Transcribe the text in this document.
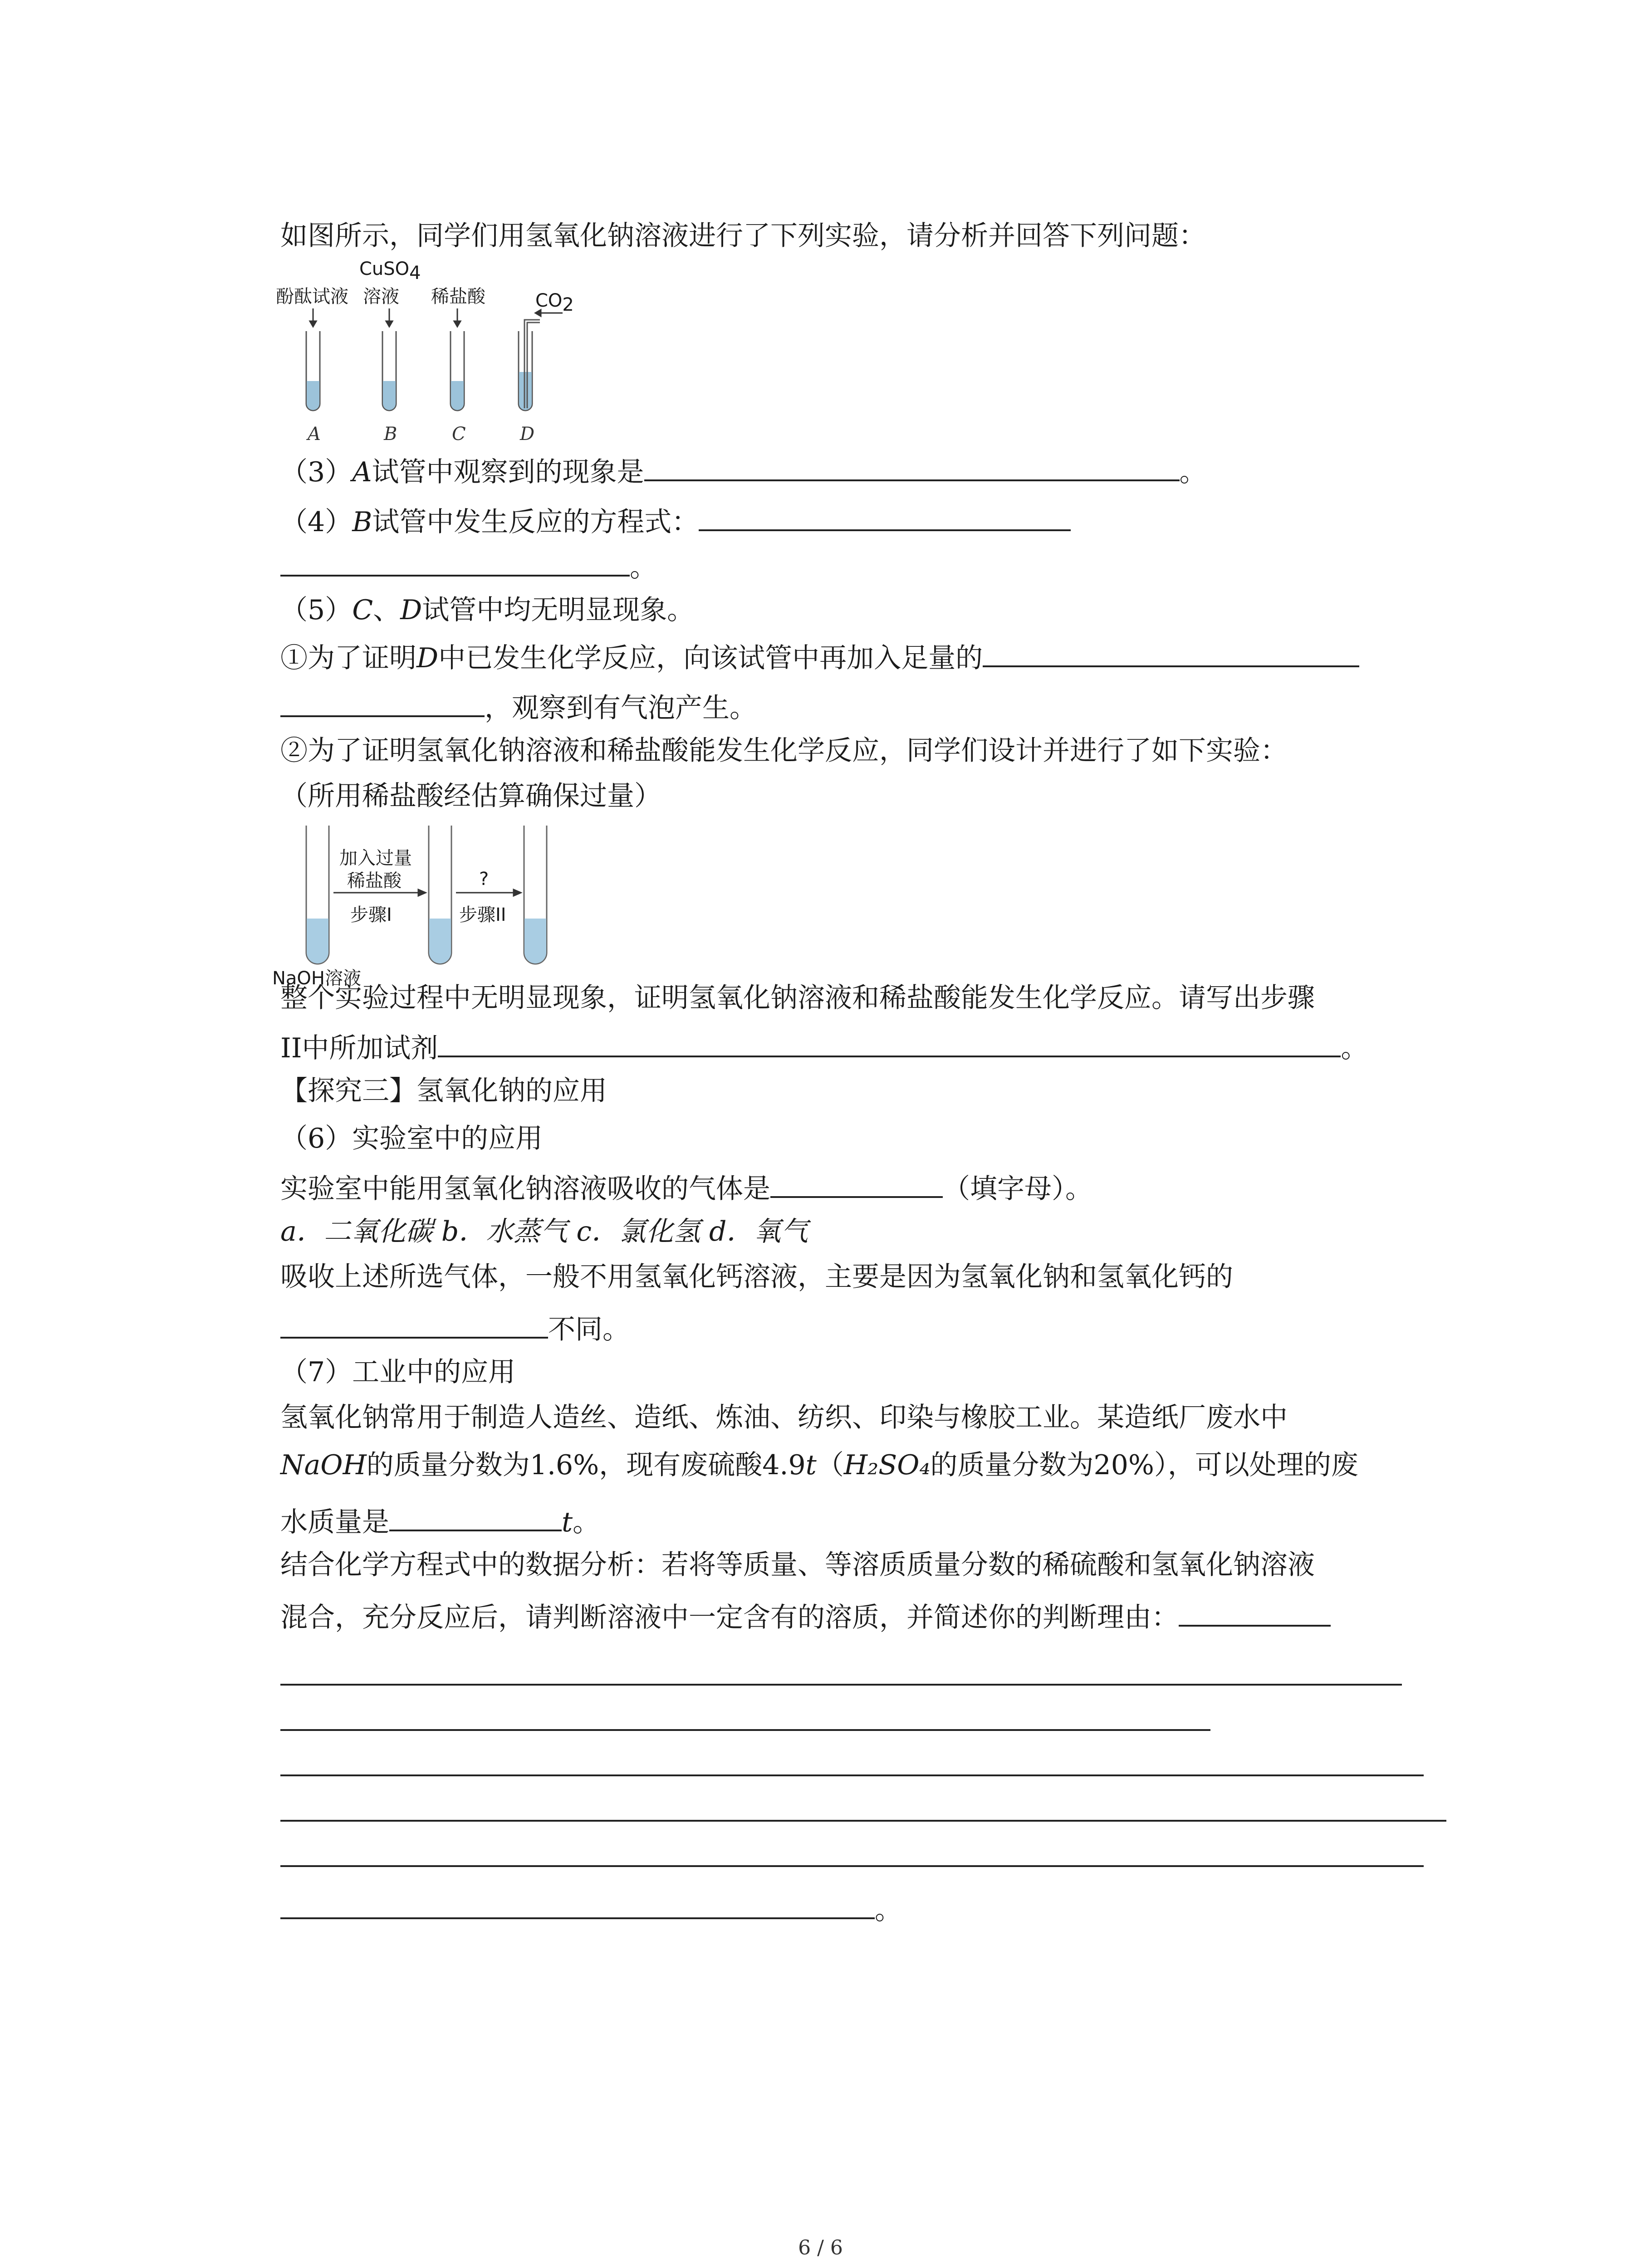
如图所示，同学们用氢氧化钠溶液进行了下列实验，请分析并回答下列问题：
酚酞试液
CuSO$_4$
溶液 稀盐酸	$CO_2$
A	B	C	D
（3）A试管中观察到的现象是	。
（4）B试管中发生反应的方程式：
。
（5）C、D试管中均无明显现象。
①为了证明D中已发生化学反应，向该试管中再加入足量的
，观察到有气泡产生。
②为了证明氢氧化钠溶液和稀盐酸能发生化学反应，同学们设计并进行了如下实验：
（所用稀盐酸经估算确保过量）
加入过量
稀盐酸
步骤I
?
步骤II
NaOH溶液
整个实验过程中无明显现象，证明氢氧化钠溶液和稀盐酸能发生化学反应。请写出步骤
II中所加试剂	。
【探究三】氢氧化钠的应用
（6）实验室中的应用
实验室中能用氢氧化钠溶液吸收的气体是	（填字母）。
a．二氧化碳 b．水蒸气 c．氯化氢 d．氧气
吸收上述所选气体，一般不用氢氧化钙溶液，主要是因为氢氧化钠和氢氧化钙的
不同。
（7）工业中的应用
氢氧化钠常用于制造人造丝、造纸、炼油、纺织、印染与橡胶工业。某造纸厂废水中
NaOH的质量分数为1.6%，现有废硫酸4.9t（H₂SO₄的质量分数为20%），可以处理的废
水质量是	t。
结合化学方程式中的数据分析：若将等质量、等溶质质量分数的稀硫酸和氢氧化钠溶液
混合，充分反应后，请判断溶液中一定含有的溶质，并简述你的判断理由：
。
6 / 6
